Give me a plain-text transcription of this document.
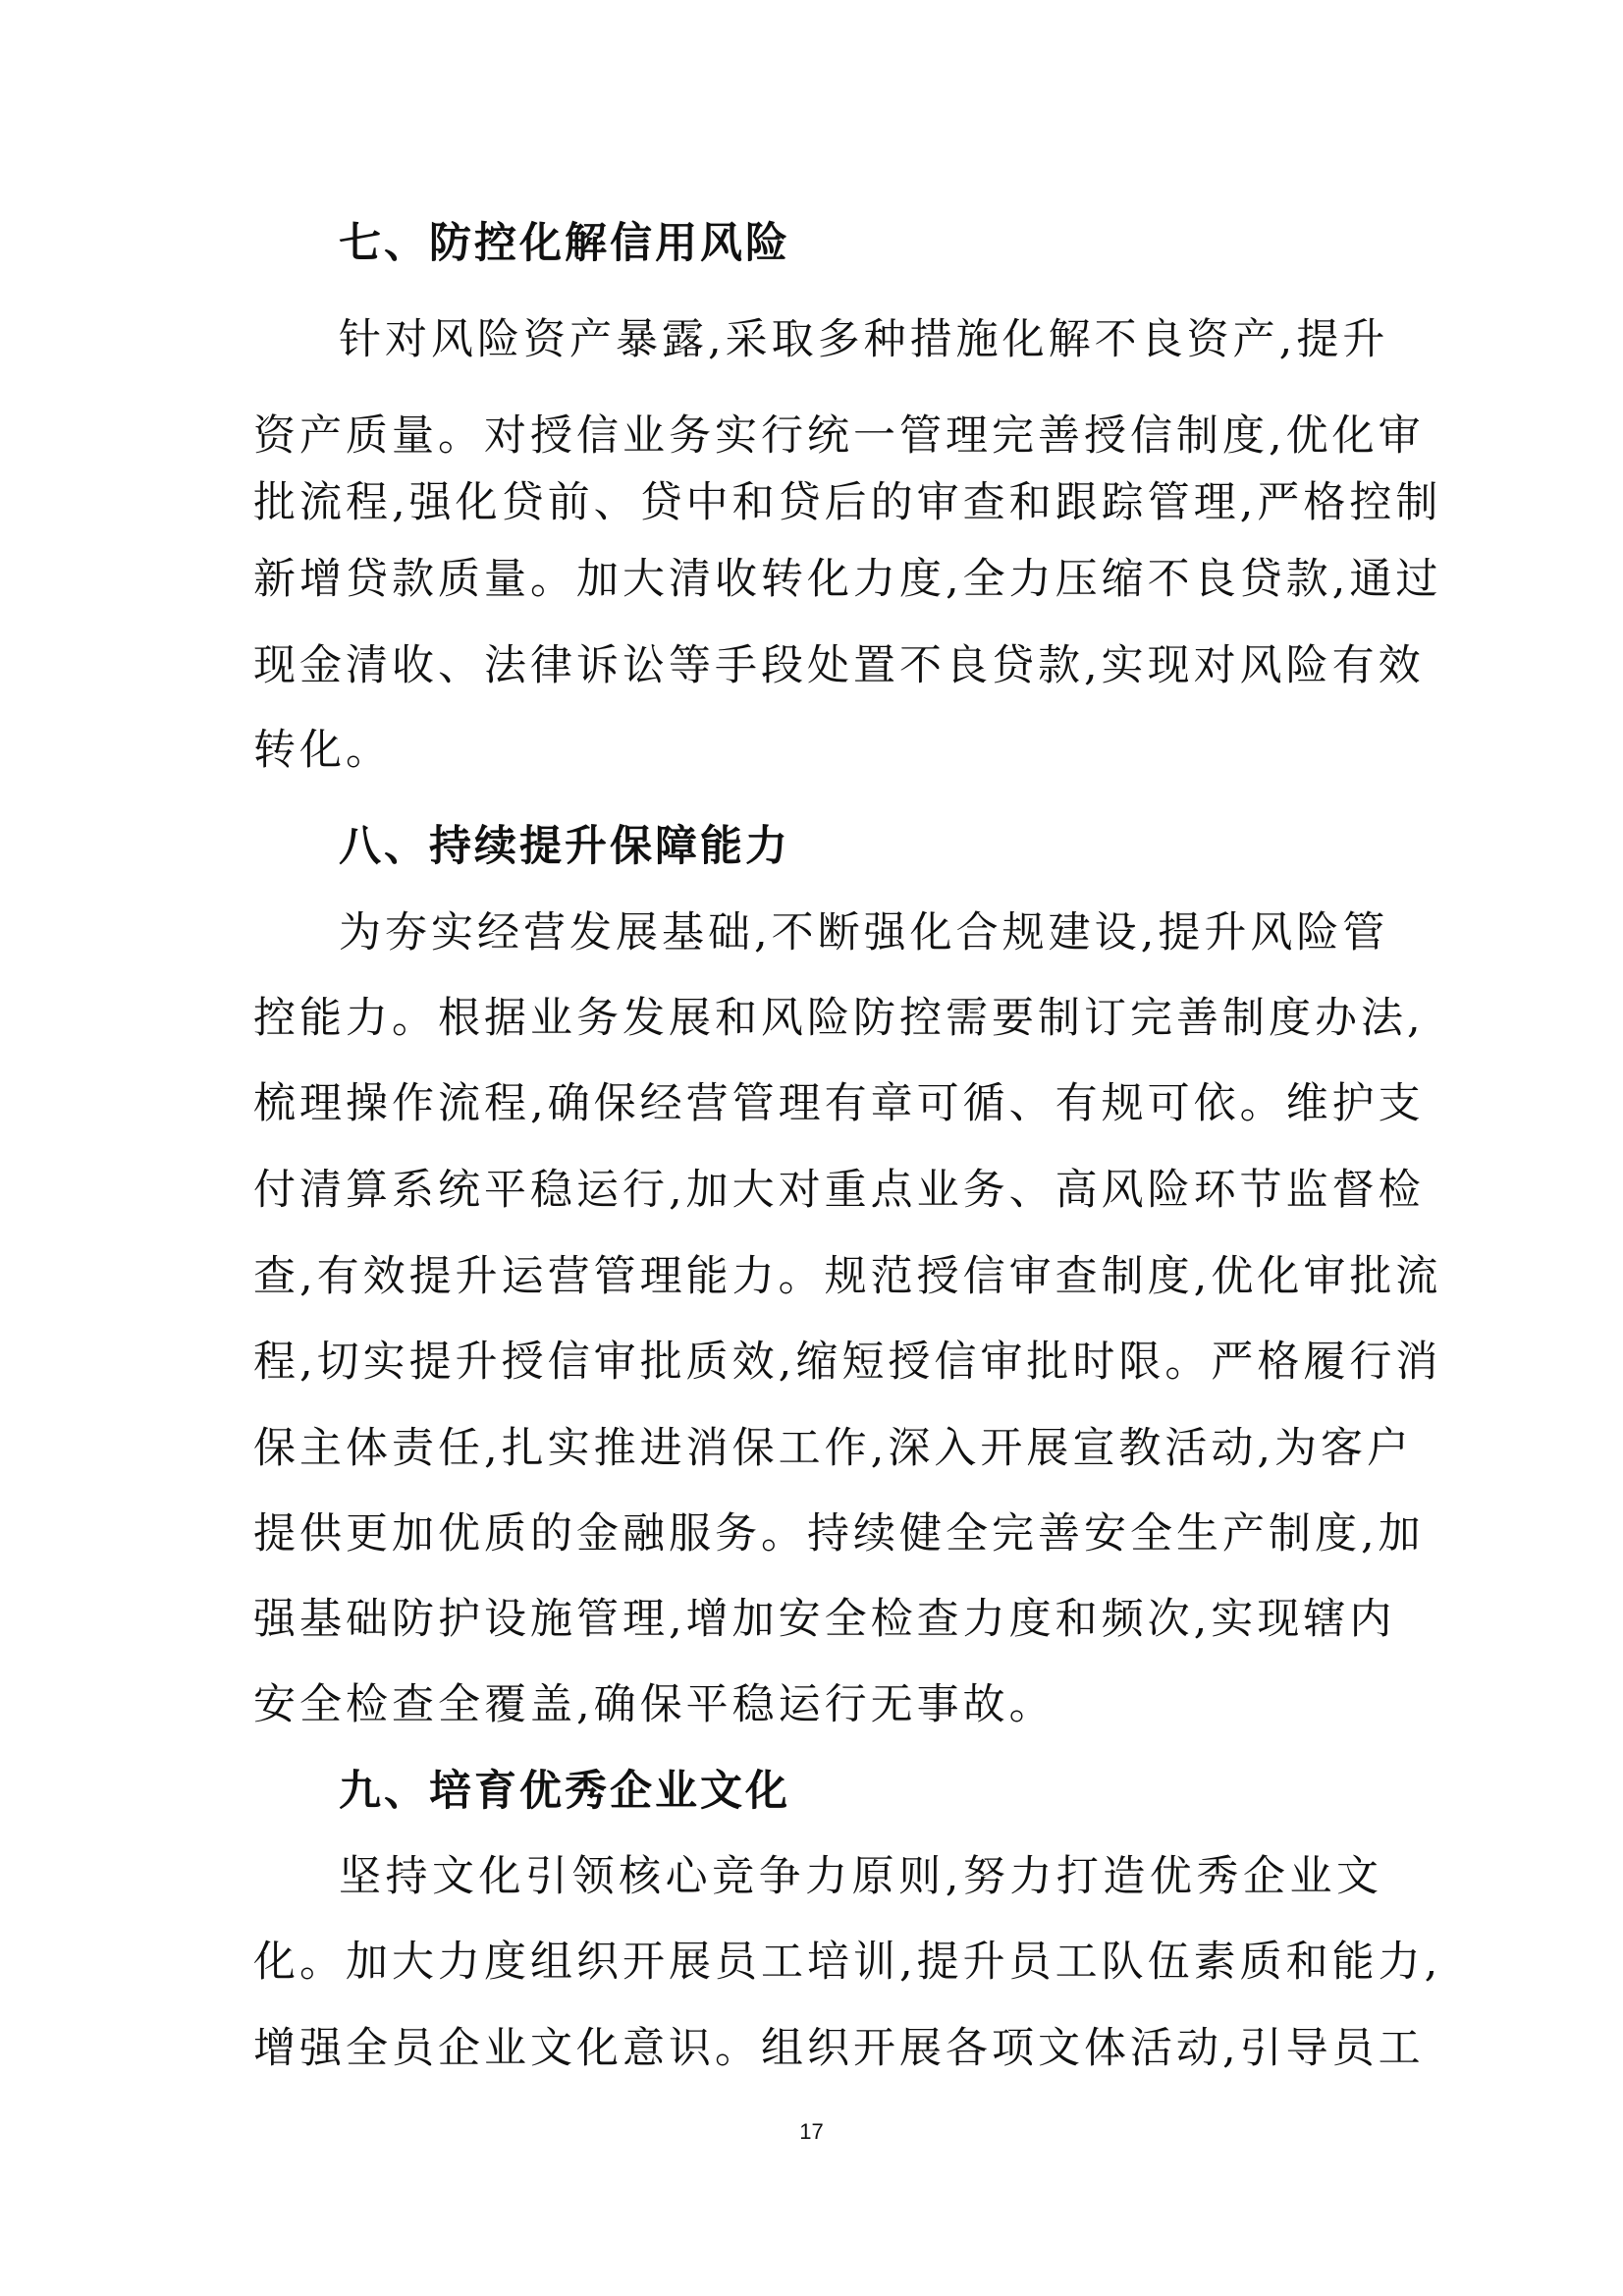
七、防控化解信用风险
针对风险资产暴露,采取多种措施化解不良资产,提升
资产质量。对授信业务实行统一管理完善授信制度,优化审
批流程,强化贷前、贷中和贷后的审查和跟踪管理,严格控制
新增贷款质量。加大清收转化力度,全力压缩不良贷款,通过
现金清收、法律诉讼等手段处置不良贷款,实现对风险有效
转化。
八、持续提升保障能力
为夯实经营发展基础,不断强化合规建设,提升风险管
控能力。根据业务发展和风险防控需要制订完善制度办法,
梳理操作流程,确保经营管理有章可循、有规可依。维护支
付清算系统平稳运行,加大对重点业务、高风险环节监督检
查,有效提升运营管理能力。规范授信审查制度,优化审批流
程,切实提升授信审批质效,缩短授信审批时限。严格履行消
保主体责任,扎实推进消保工作,深入开展宣教活动,为客户
提供更加优质的金融服务。持续健全完善安全生产制度,加
强基础防护设施管理,增加安全检查力度和频次,实现辖内
安全检查全覆盖,确保平稳运行无事故。
九、培育优秀企业文化
坚持文化引领核心竞争力原则,努力打造优秀企业文
化。加大力度组织开展员工培训,提升员工队伍素质和能力,
增强全员企业文化意识。组织开展各项文体活动,引导员工
17
